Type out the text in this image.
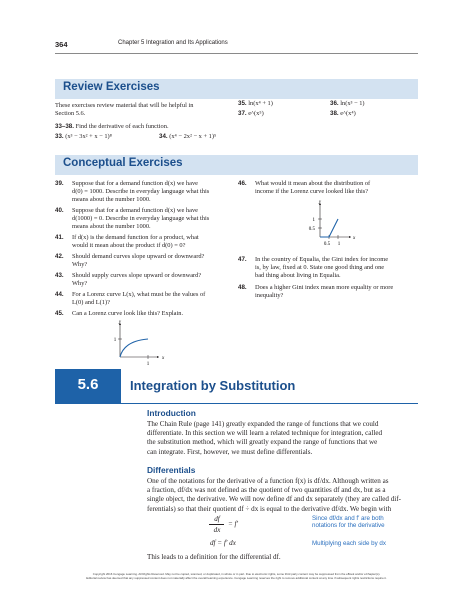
364	Chapter 5 Integration and Its Applications
Review Exercises
These exercises review material that will be helpful in
Section 5.6.
33–38. Find the derivative of each function.
33. (x³ − 3x² + x − 1)⁸	34. (x⁴ − 2x² − x + 1)⁵
35. ln(x⁴ + 1)	36. ln(x³ − 1)
37. e^(x⁵)	38. e^(x⁴)
Conceptual Exercises
39. Suppose that for a demand function d(x) we have
d(0) = 1000. Describe in everyday language what this
means about the number 1000.
40. Suppose that for a demand function d(x) we have
d(1000) = 0. Describe in everyday language what this
means about the number 1000.
41. If d(x) is the demand function for a product, what
would it mean about the product if d(0) = 0?
42. Should demand curves slope upward or downward?
Why?
43. Should supply curves slope upward or downward?
Why?
44. For a Lorenz curve L(x), what must be the values of
L(0) and L(1)?
45. Can a Lorenz curve look like this? Explain.
y
x
1
1
46. What would it mean about the distribution of
income if the Lorenz curve looked like this?
y
x
1
0.5
0.5 1
47. In the country of Equalia, the Gini index for income
is, by law, fixed at 0. State one good thing and one
bad thing about living in Equalia.
48. Does a higher Gini index mean more equality or more
inequality?
5.6	Integration by Substitution
Introduction
The Chain Rule (page 141) greatly expanded the range of functions that we could
differentiate. In this section we will learn a related technique for integration, called
the substitution method, which will greatly expand the range of functions that we
can integrate. First, however, we must define differentials.
Differentials
One of the notations for the derivative of a function f(x) is df/dx. Although written as
a fraction, df/dx was not defined as the quotient of two quantities df and dx, but as a
single object, the derivative. We will now define df and dx separately (they are called dif-
ferentials) so that their quotient df ÷ dx is equal to the derivative df/dx. We begin with
df
dx
= f′
Since df/dx and f′ are both
notations for the derivative
df = f′ dx	Multiplying each side by dx
This leads to a definition for the differential df.
Copyright 2016 Cengage Learning. All Rights Reserved. May not be copied, scanned, or duplicated, in whole or in part. Due to electronic rights, some third party content may be suppressed from the eBook and/or eChapter(s).
Editorial review has deemed that any suppressed content does not materially affect the overall learning experience. Cengage Learning reserves the right to remove additional content at any time if subsequent rights restrictions require it.
